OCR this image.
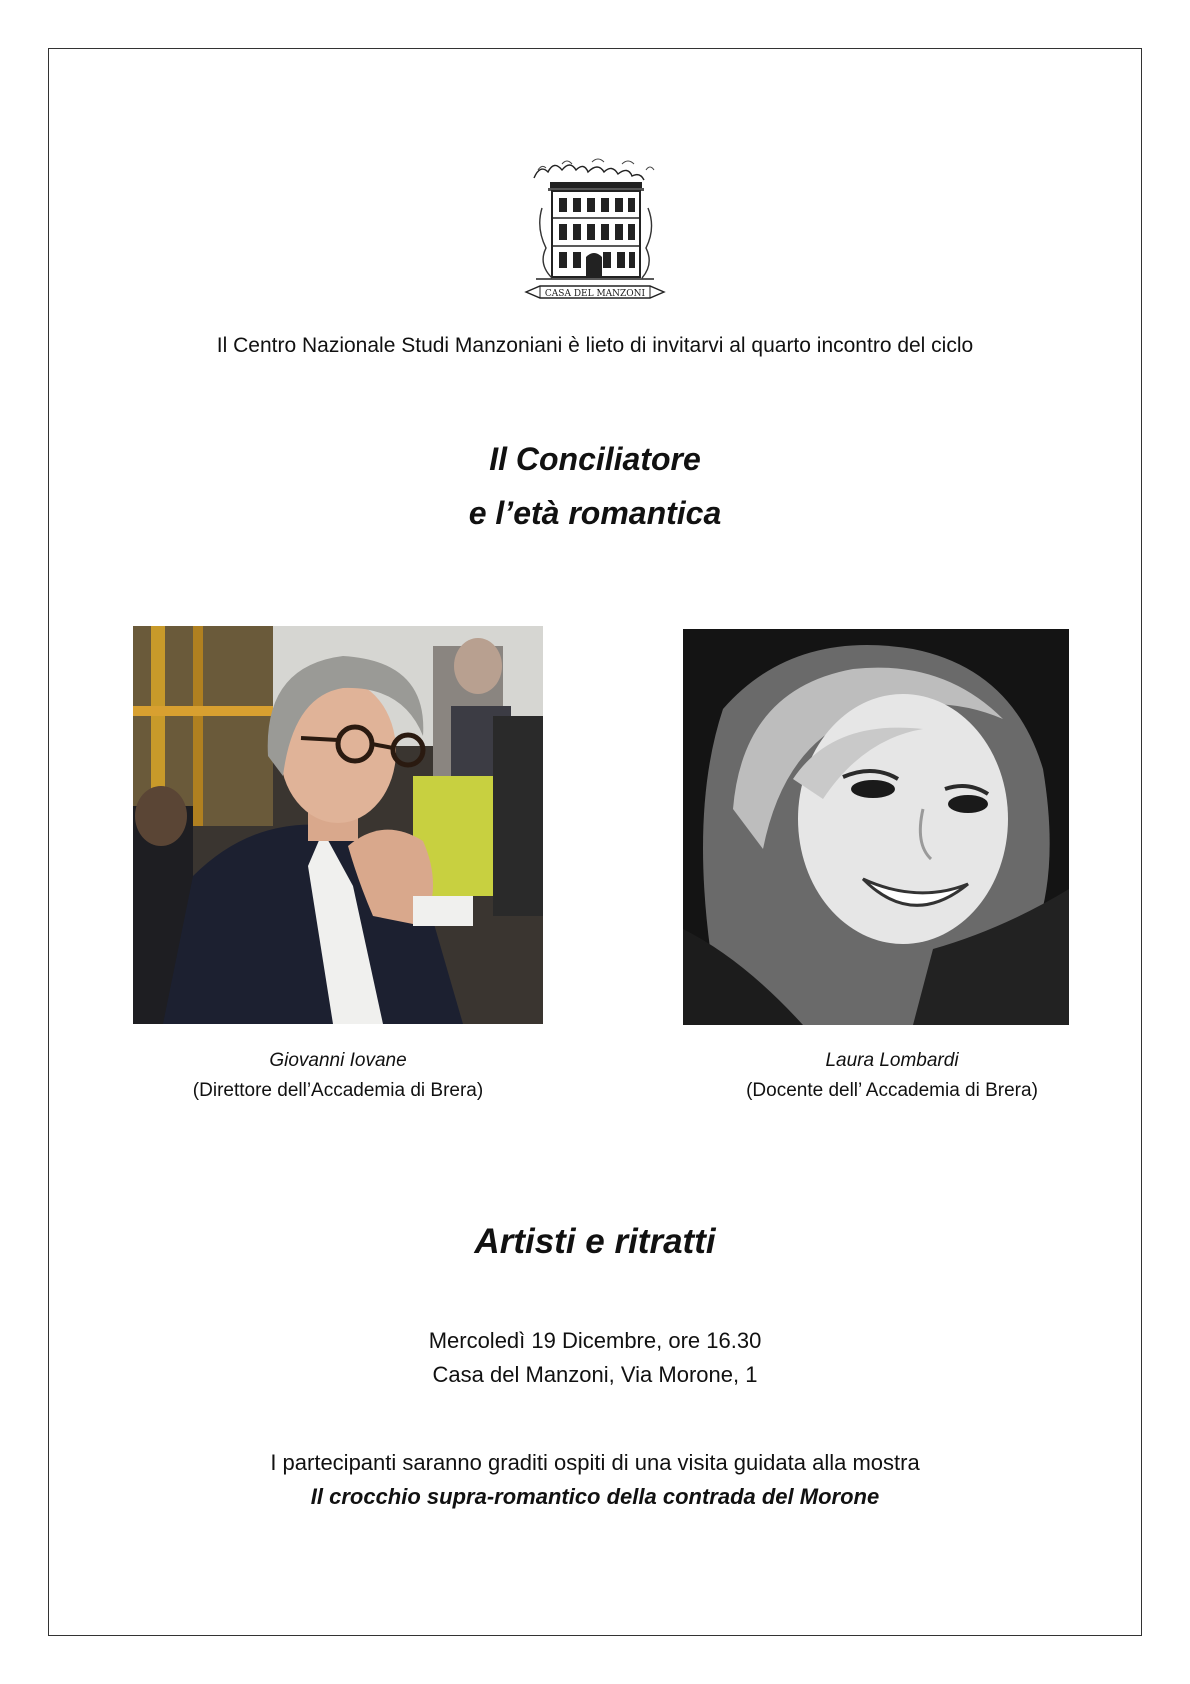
CASA DEL MANZONI
Il Centro Nazionale Studi Manzoniani è lieto di invitarvi al quarto incontro del ciclo
Il Conciliatore
e l’età romantica
Giovanni Iovane
(Direttore dell’Accademia di Brera)
Laura Lombardi
(Docente dell’ Accademia di Brera)
Artisti e ritratti
Mercoledì 19 Dicembre, ore 16.30
Casa del Manzoni, Via Morone, 1
I partecipanti saranno graditi ospiti di una visita guidata alla mostra
Il crocchio supra-romantico della contrada del Morone
